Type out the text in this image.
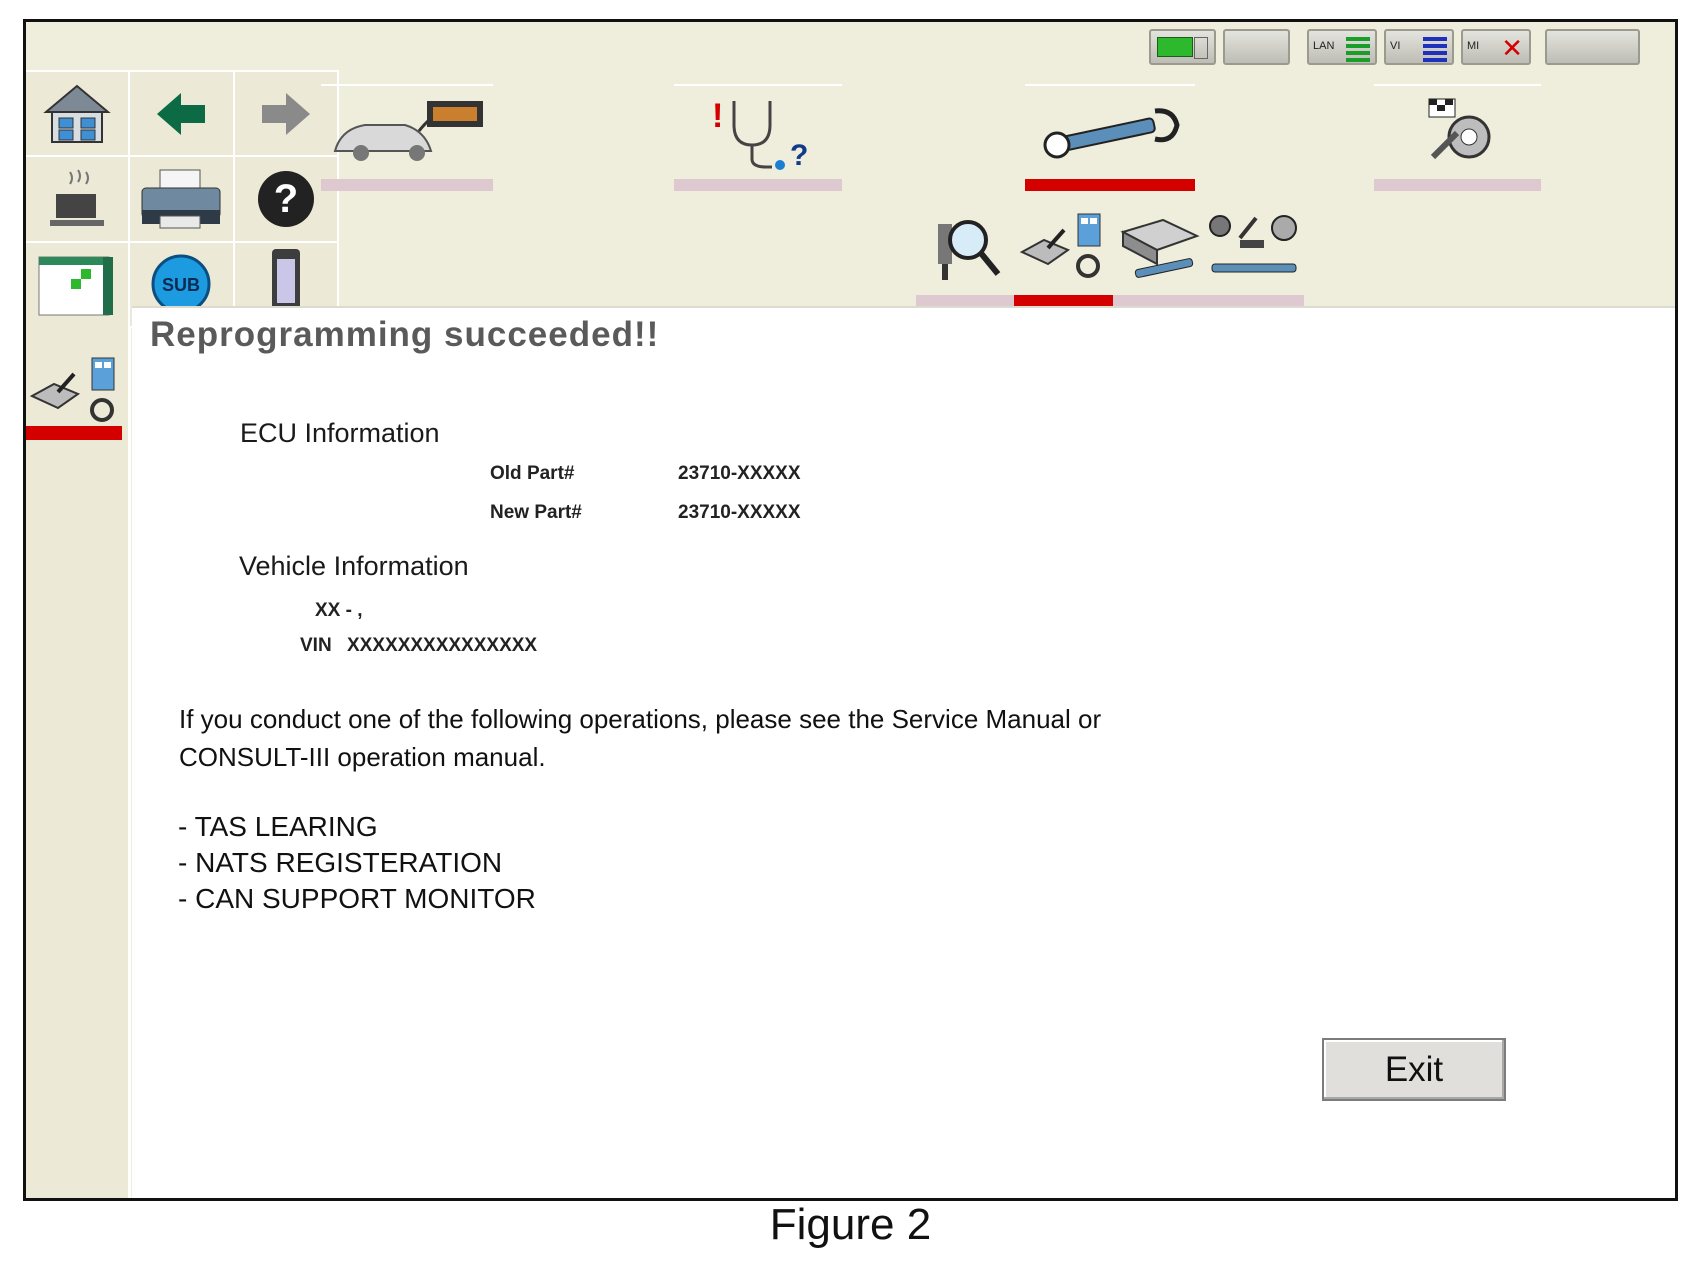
LAN	VI	MI ✕
?
SUB
!
?
Reprogramming succeeded!!
ECU Information
Old Part#	23710-XXXXX
New Part#	23710-XXXXX
Vehicle Information
XX - ,
VIN XXXXXXXXXXXXXXX
If you conduct one of the following operations, please see the Service Manual or
CONSULT-III operation manual.
- TAS LEARING
- NATS REGISTERATION
- CAN SUPPORT MONITOR
Exit
Figure 2
